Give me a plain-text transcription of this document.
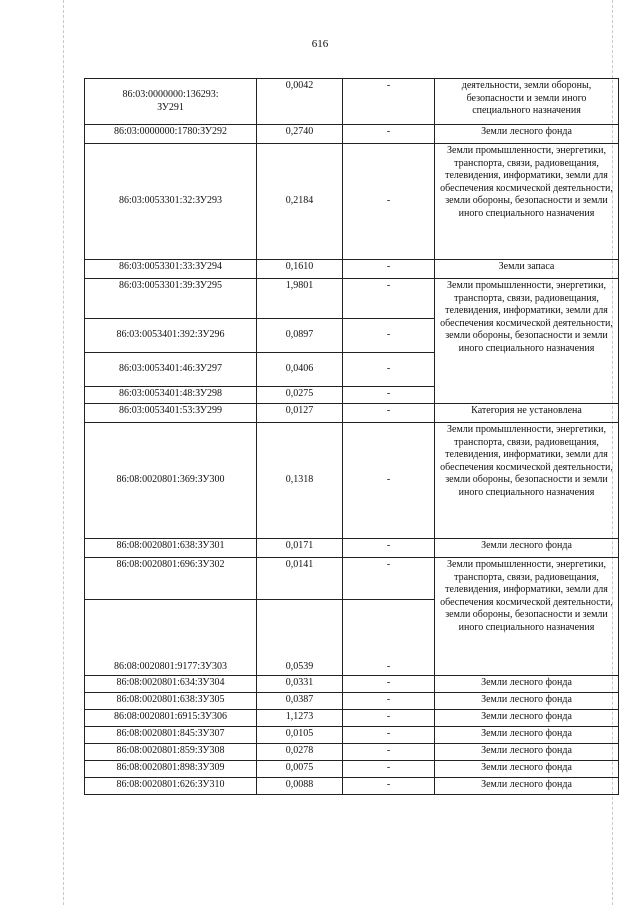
616
86:03:0000000:136293:
ЗУ291	0,0042	-	деятельности, земли обороны, безопасности и земли иного специального назначения
86:03:0000000:1780:ЗУ292	0,2740	-	Земли лесного фонда
86:03:0053301:32:ЗУ293	0,2184	-	Земли промышленности, энергетики, транспорта, связи, радиовещания, телевидения, информатики, земли для обеспечения космической деятельности, земли обороны, безопасности и земли иного специального назначения
86:03:0053301:33:ЗУ294	0,1610	-	Земли запаса
86:03:0053301:39:ЗУ295	1,9801	-	Земли промышленности, энергетики, транспорта, связи, радиовещания, телевидения, информатики, земли для обеспечения космической деятельности, земли обороны, безопасности и земли иного специального назначения
86:03:0053401:392:ЗУ296	0,0897	-	
86:03:0053401:46:ЗУ297	0,0406	-	
86:03:0053401:48:ЗУ298	0,0275	-	
86:03:0053401:53:ЗУ299	0,0127	-	Категория не установлена
86:08:0020801:369:ЗУ300	0,1318	-	Земли промышленности, энергетики, транспорта, связи, радиовещания, телевидения, информатики, земли для обеспечения космической деятельности, земли обороны, безопасности и земли иного специального назначения
86:08:0020801:638:ЗУ301	0,0171	-	Земли лесного фонда
86:08:0020801:696:ЗУ302	0,0141	-	Земли промышленности, энергетики, транспорта, связи, радиовещания, телевидения, информатики, земли для обеспечения космической деятельности, земли обороны, безопасности и земли иного специального назначения
86:08:0020801:9177:ЗУ303	0,0539	-	
86:08:0020801:634:ЗУ304	0,0331	-	Земли лесного фонда
86:08:0020801:638:ЗУ305	0,0387	-	Земли лесного фонда
86:08:0020801:6915:ЗУ306	1,1273	-	Земли лесного фонда
86:08:0020801:845:ЗУ307	0,0105	-	Земли лесного фонда
86:08:0020801:859:ЗУ308	0,0278	-	Земли лесного фонда
86:08:0020801:898:ЗУ309	0,0075	-	Земли лесного фонда
86:08:0020801:626:ЗУ310	0,0088	-	Земли лесного фонда
